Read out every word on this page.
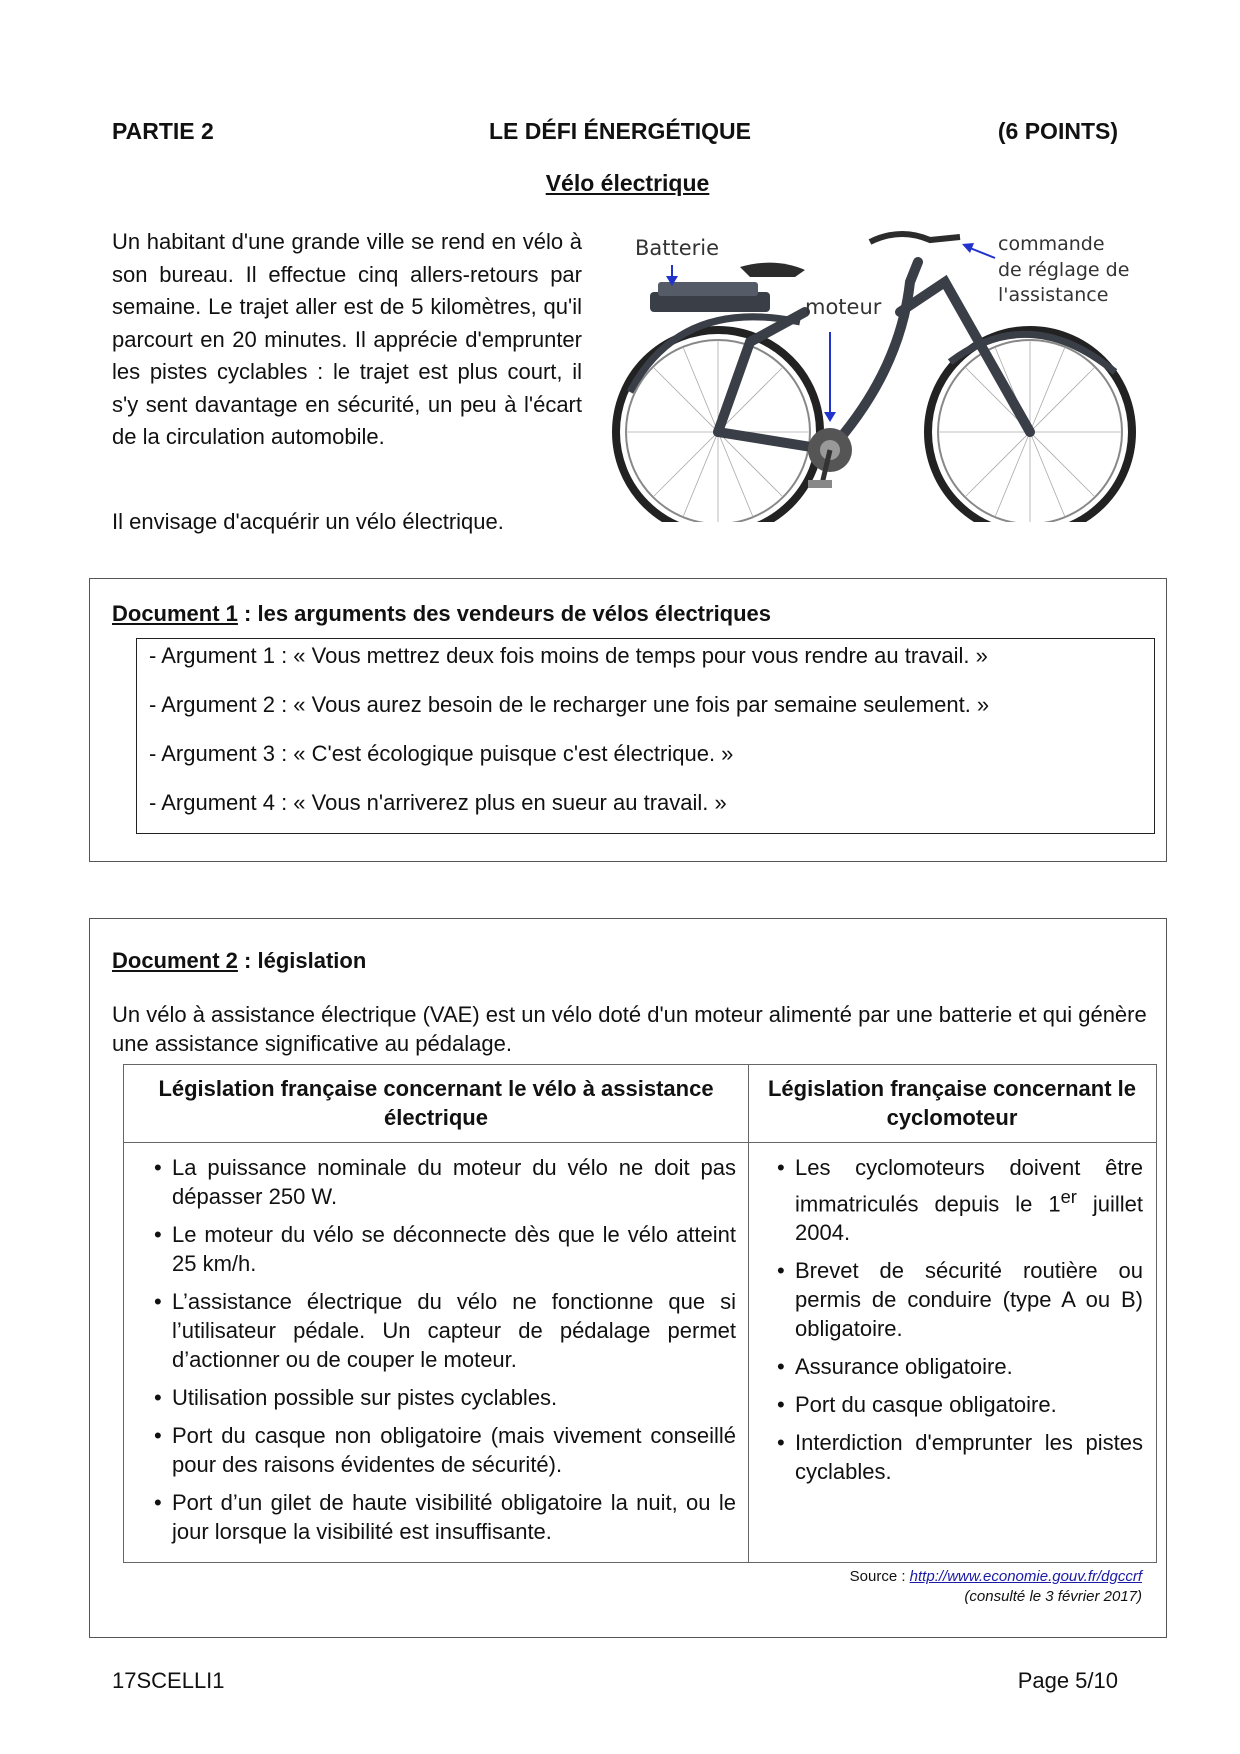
LE DÉFI ÉNERGÉTIQUE
PARTIE 2	(6 POINTS)
Vélo électrique

Un habitant d'une grande ville se rend en vélo à son bureau. Il effectue cinq allers-retours par semaine. Le trajet aller est de 5 kilomètres, qu'il parcourt en 20 minutes. Il apprécie d'emprunter les pistes cyclables : le trajet est plus court, il s'y sent davantage en sécurité, un peu à l'écart de la circulation automobile.

Il envisage d'acquérir un vélo électrique.
Batterie
moteur
commande
de réglage de
l'assistance
Document 1 : les arguments des vendeurs de vélos électriques
- Argument 1 : « Vous mettrez deux fois moins de temps pour vous rendre au travail. »
- Argument 2 : « Vous aurez besoin de le recharger une fois par semaine seulement. »
- Argument 3 : « C'est écologique puisque c'est électrique. »
- Argument 4 : « Vous n'arriverez plus en sueur au travail. »
Document 2 : législation

Un vélo à assistance électrique (VAE) est un vélo doté d'un moteur alimenté par une batterie et qui génère une assistance significative au pédalage.

Législation française concernant le vélo à assistance électrique
Législation française concernant le cyclomoteur
• La puissance nominale du moteur du vélo ne doit pas dépasser 250 W.
• Le moteur du vélo se déconnecte dès que le vélo atteint 25 km/h.
• L’assistance électrique du vélo ne fonctionne que si l’utilisateur pédale. Un capteur de pédalage permet d’actionner ou de couper le moteur.
• Utilisation possible sur pistes cyclables.
• Port du casque non obligatoire (mais vivement conseillé pour des raisons évidentes de sécurité).
• Port d’un gilet de haute visibilité obligatoire la nuit, ou le jour lorsque la visibilité est insuffisante.
• Les cyclomoteurs doivent être immatriculés depuis le 1er juillet 2004.
• Brevet de sécurité routière ou permis de conduire (type A ou B) obligatoire.
• Assurance obligatoire.
• Port du casque obligatoire.
• Interdiction d'emprunter les pistes cyclables.
Source : http://www.economie.gouv.fr/dgccrf
(consulté le 3 février 2017)
17SCELLI1	Page 5/10
